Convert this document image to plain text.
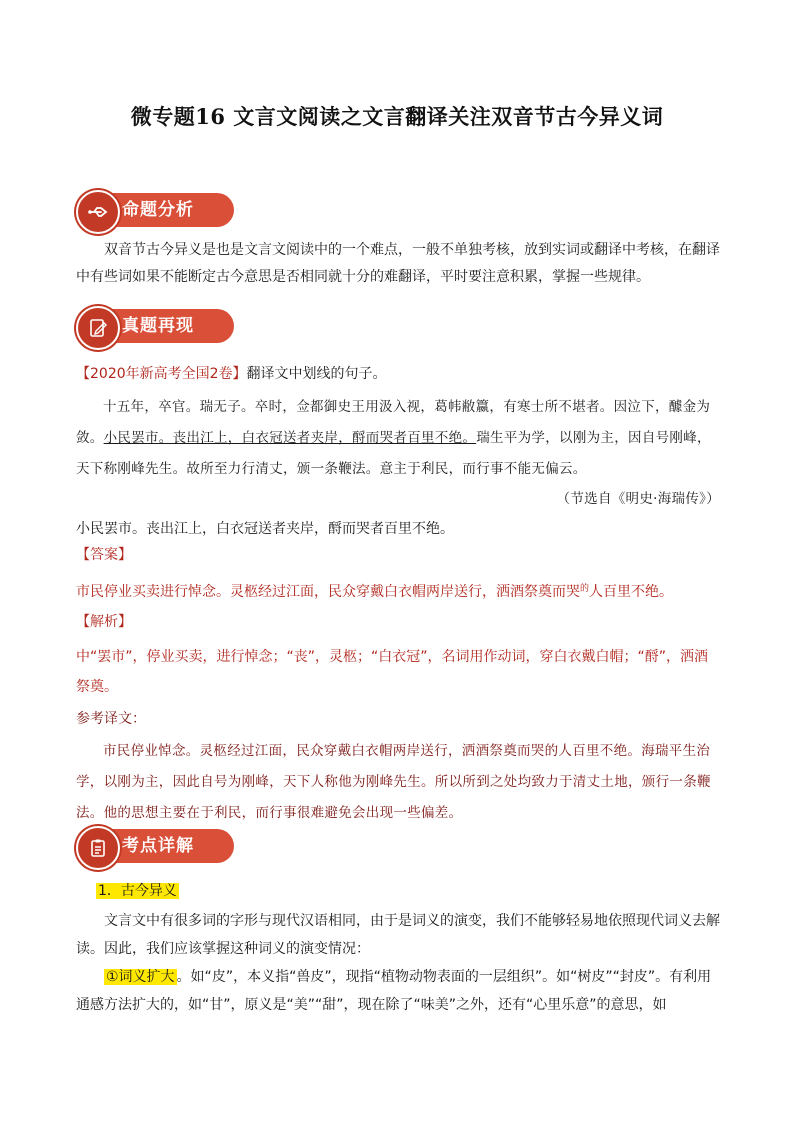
微专题16 文言文阅读之文言翻译关注双音节古今异义词
命题分析
双音节古今异义是也是文言文阅读中的一个难点，一般不单独考核，放到实词或翻译中考核，在翻译中有些词如果不能断定古今意思是否相同就十分的难翻译，平时要注意积累，掌握一些规律。
真题再现
【2020年新高考全国2卷】翻译文中划线的句子。
十五年，卒官。瑞无子。卒时，佥都御史王用汲入视，葛帏敝籝，有寒士所不堪者。因泣下，醵金为敛。小民罢市。丧出江上，白衣冠送者夹岸，酹而哭者百里不绝。瑞生平为学，以刚为主，因自号刚峰，天下称刚峰先生。故所至力行清丈，颁一条鞭法。意主于利民，而行事不能无偏云。
（节选自《明史·海瑞传》）
小民罢市。丧出江上，白衣冠送者夹岸，酹而哭者百里不绝。
【答案】
市民停业买卖进行悼念。灵柩经过江面，民众穿戴白衣帽两岸送行，洒酒祭奠而哭$^的$人百里不绝。
【解析】
中“罢市”，停业买卖，进行悼念；“丧”，灵柩；“白衣冠”，名词用作动词，穿白衣戴白帽；“酹”，洒酒祭奠。
参考译文：
市民停业悼念。灵柩经过江面，民众穿戴白衣帽两岸送行，洒酒祭奠而哭的人百里不绝。海瑞平生治学，以刚为主，因此自号为刚峰，天下人称他为刚峰先生。所以所到之处均致力于清丈土地，颁行一条鞭法。他的思想主要在于利民，而行事很难避免会出现一些偏差。
考点详解
1．古今异义
文言文中有很多词的字形与现代汉语相同，由于是词义的演变，我们不能够轻易地依照现代词义去解读。因此，我们应该掌握这种词义的演变情况：
①词义扩大 。如“皮”，本义指“兽皮”，现指“植物动物表面的一层组织”。如“树皮”“封皮”。有利用通感方法扩大的，如“甘”，原义是“美”“甜”，现在除了“味美”之外，还有“心里乐意”的意思，如
